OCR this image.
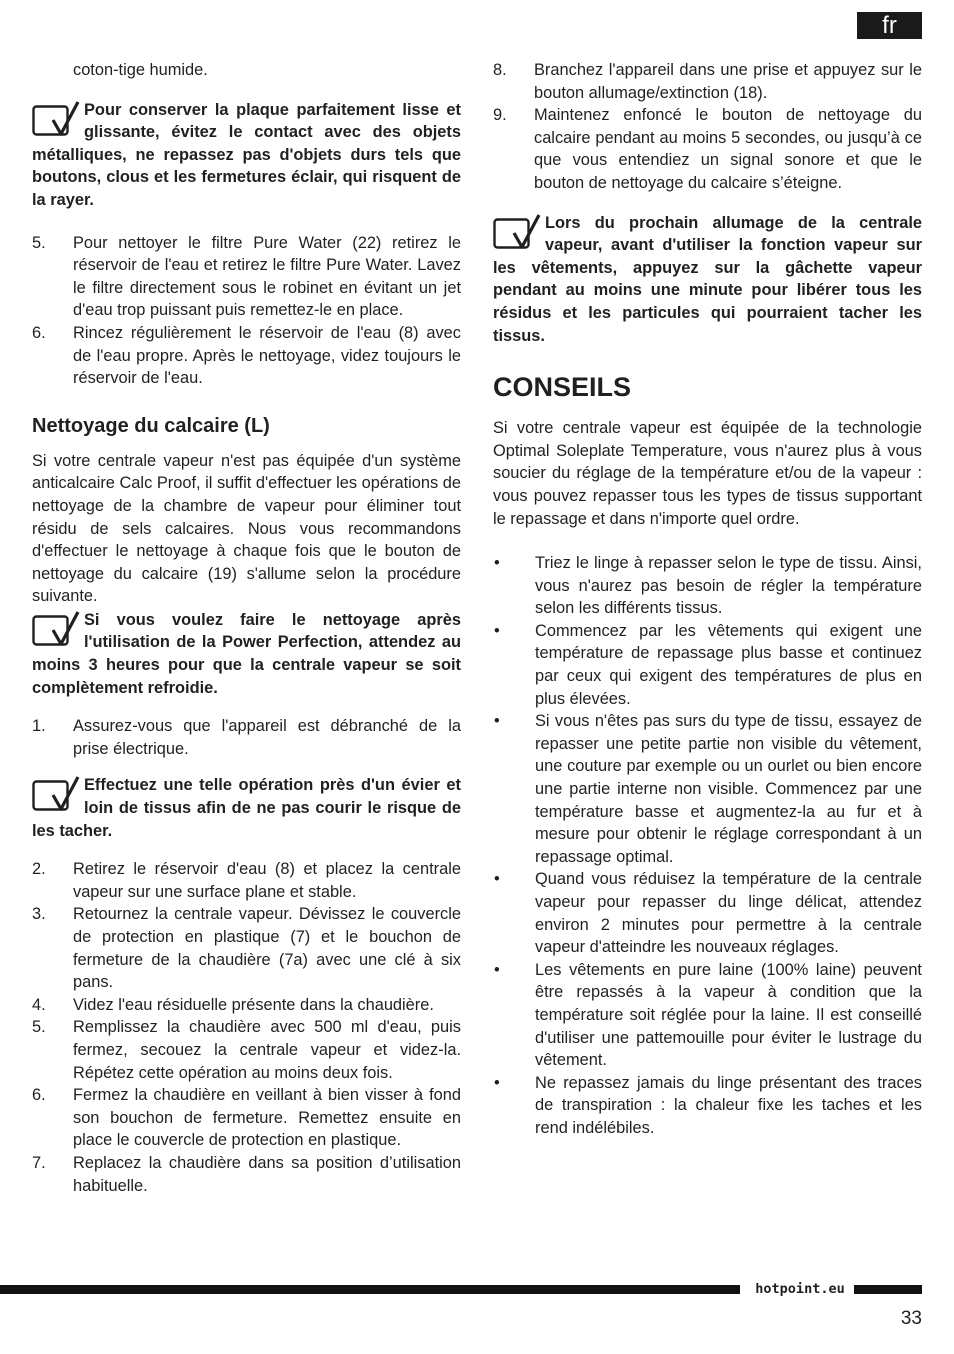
fr

coton-tige humide.

Pour conserver la plaque parfaitement lisse et glissante, évitez le contact avec des objets métalliques, ne repassez pas d'objets durs tels que boutons, clous et les fermetures éclair, qui risquent de la rayer.
5.	Pour nettoyer le filtre Pure Water (22) retirez le réservoir de l'eau et retirez le filtre Pure Water. Lavez le filtre directement sous le robinet en évitant un jet d'eau trop puissant puis remettez-le en place.
6.	Rincez régulièrement le réservoir de l'eau (8) avec de l'eau propre. Après le nettoyage, videz toujours le réservoir de l'eau.
Nettoyage du calcaire (L)

Si votre centrale vapeur n'est pas équipée d'un système anticalcaire Calc Proof, il suffit d'effectuer les opérations de nettoyage de la chambre de vapeur pour éliminer tout résidu de sels calcaires. Nous vous recommandons d'effectuer le nettoyage à chaque fois que le bouton de nettoyage du calcaire (19) s'allume selon la procédure suivante.

Si vous voulez faire le nettoyage après l'utilisation de la Power Perfection, attendez au moins 3 heures pour que la centrale vapeur se soit complètement refroidie.
1.	Assurez-vous que l'appareil est débranché de la prise électrique.
Effectuez une telle opération près d'un évier et loin de tissus afin de ne pas courir le risque de les tacher.
2.	Retirez le réservoir d'eau (8) et placez la centrale vapeur sur une surface plane et stable.
3.	Retournez la centrale vapeur. Dévissez le couvercle de protection en plastique (7) et le bouchon de fermeture de la chaudière (7a) avec une clé à six pans.
4.	Videz l'eau résiduelle présente dans la chaudière.
5.	Remplissez la chaudière avec 500 ml d'eau, puis fermez, secouez la centrale vapeur et videz-la. Répétez cette opération au moins deux fois.
6.	Fermez la chaudière en veillant à bien visser à fond son bouchon de fermeture. Remettez ensuite en place le couvercle de protection en plastique.
7.	Replacez la chaudière dans sa position d’utilisation habituelle.
8.	Branchez l'appareil dans une prise et appuyez sur le bouton allumage/extinction (18).
9.	Maintenez enfoncé le bouton de nettoyage du calcaire pendant au moins 5 secondes, ou jusqu’à ce que vous entendiez un signal sonore et que le bouton de nettoyage du calcaire s’éteigne.
Lors du prochain allumage de la centrale vapeur, avant d'utiliser la fonction vapeur sur les vêtements, appuyez sur la gâchette vapeur pendant au moins une minute pour libérer tous les résidus et les particules qui pourraient tacher les tissus.
CONSEILS

Si votre centrale vapeur est équipée de la technologie Optimal Soleplate Temperature, vous n'aurez plus à vous soucier du réglage de la température et/ou de la vapeur : vous pouvez repasser tous les types de tissus supportant le repassage et dans n'importe quel ordre.

•	Triez le linge à repasser selon le type de tissu. Ainsi, vous n'aurez pas besoin de régler la température selon les différents tissus.
•	Commencez par les vêtements qui exigent une température de repassage plus basse et continuez par ceux qui exigent des températures de plus en plus élevées.
•	Si vous n'êtes pas surs du type de tissu, essayez de repasser une petite partie non visible du vêtement, une couture par exemple ou un ourlet ou bien encore une partie interne non visible. Commencez par une température basse et augmentez-la au fur et à mesure pour obtenir le réglage correspondant à un repassage optimal.
•	Quand vous réduisez la température de la centrale vapeur pour repasser du linge délicat, attendez environ 2 minutes pour permettre à la centrale vapeur d'atteindre les nouveaux réglages.
•	Les vêtements en pure laine (100% laine) peuvent être repassés à la vapeur à condition que la température soit réglée pour la laine. Il est conseillé d'utiliser une pattemouille pour éviter le lustrage du vêtement.
•	Ne repassez jamais du linge présentant des traces de transpiration : la chaleur fixe les taches et les rend indélébiles.
hotpoint.eu
33
